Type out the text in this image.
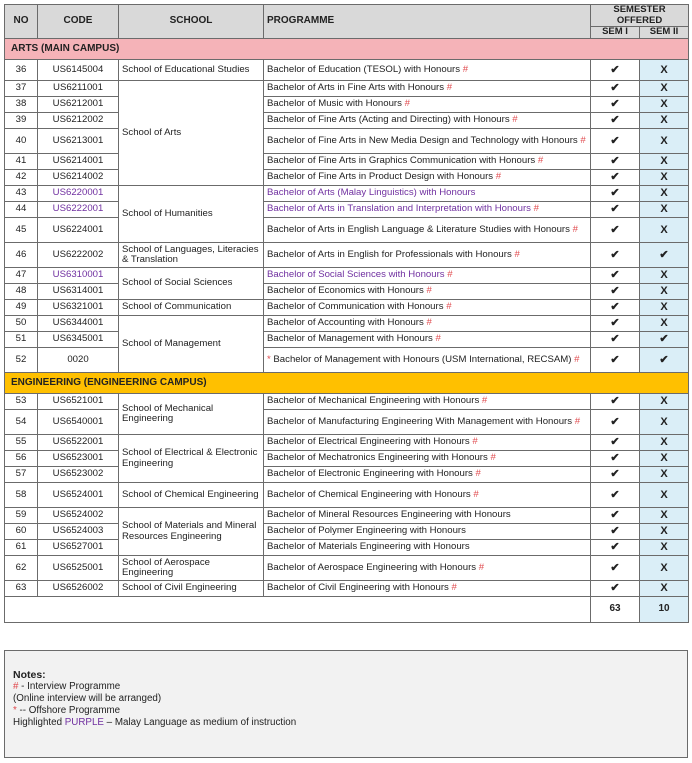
NO	CODE	SCHOOL	PROGRAMME	SEMESTER OFFERED	
				SEM I	SEM II
ARTS (MAIN CAMPUS)					
36	US6145004	School of Educational Studies	Bachelor of Education (TESOL) with Honours #	✔	X
37	US6211001	School of Arts	Bachelor of Arts in Fine Arts with Honours #	✔	X
38	US6212001		Bachelor of Music with Honours #	✔	X
39	US6212002		Bachelor of Fine Arts (Acting and Directing) with Honours #	✔	X
40	US6213001		Bachelor of Fine Arts in New Media Design and Technology with Honours #	✔	X
41	US6214001		Bachelor of Fine Arts in Graphics Communication with Honours #	✔	X
42	US6214002		Bachelor of Fine Arts in Product Design with Honours #	✔	X
43	US6220001	School of Humanities	Bachelor of Arts (Malay Linguistics) with Honours	✔	X
44	US6222001		Bachelor of Arts in Translation and Interpretation with Honours #	✔	X
45	US6224001		Bachelor of Arts in English Language & Literature Studies with Honours #	✔	X
46	US6222002	School of Languages, Literacies & Translation	Bachelor of Arts in English for Professionals with Honours #	✔	✔
47	US6310001	School of Social Sciences	Bachelor of Social Sciences with Honours #	✔	X
48	US6314001		Bachelor of Economics with Honours #	✔	X
49	US6321001	School of Communication	Bachelor of Communication with Honours #	✔	X
50	US6344001	School of Management	Bachelor of Accounting with Honours #	✔	X
51	US6345001		Bachelor of Management with Honours #	✔	✔
52	0020		* Bachelor of Management with Honours (USM International, RECSAM) #	✔	✔
ENGINEERING (ENGINEERING CAMPUS)					
53	US6521001	School of Mechanical Engineering	Bachelor of Mechanical Engineering with Honours #	✔	X
54	US6540001		Bachelor of Manufacturing Engineering With Management with Honours #	✔	X
55	US6522001	School of Electrical & Electronic Engineering	Bachelor of Electrical Engineering with Honours #	✔	X
56	US6523001		Bachelor of Mechatronics Engineering with Honours #	✔	X
57	US6523002		Bachelor of Electronic Engineering with Honours #	✔	X
58	US6524001	School of Chemical Engineering	Bachelor of Chemical Engineering with Honours #	✔	X
59	US6524002	School of Materials and Mineral Resources Engineering	Bachelor of Mineral Resources Engineering with Honours	✔	X
60	US6524003		Bachelor of Polymer Engineering with Honours	✔	X
61	US6527001		Bachelor of Materials Engineering with Honours	✔	X
62	US6525001	School of Aerospace Engineering	Bachelor of Aerospace Engineering with Honours #	✔	X
63	US6526002	School of Civil Engineering	Bachelor of Civil Engineering with Honours #	✔	X
				63	10
Notes:
# - Interview Programme
(Online interview will be arranged)
* -- Offshore Programme
Highlighted PURPLE – Malay Language as medium of instruction
